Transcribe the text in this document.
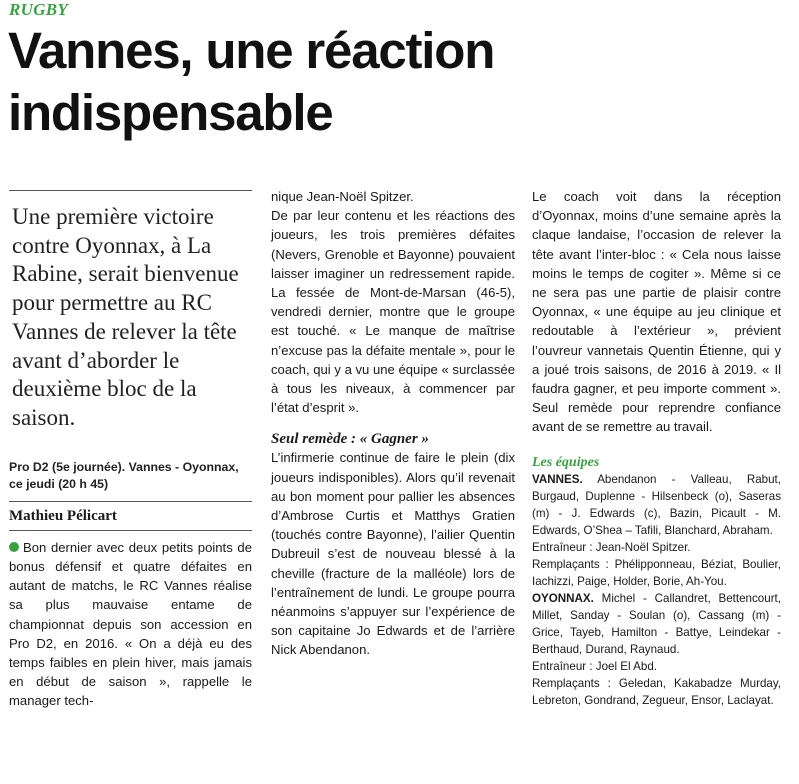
RUGBY
Vannes, une réaction indispensable
Une première victoire contre Oyonnax, à La Rabine, serait bienvenue pour permettre au RC Vannes de relever la tête avant d’aborder le deuxième bloc de la saison.
Pro D2 (5e journée). Vannes - Oyonnax, ce jeudi (20 h 45)
Mathieu Pélicart

Bon dernier avec deux petits points de bonus défensif et quatre défaites en autant de matchs, le RC Vannes réalise sa plus mauvaise entame de championnat depuis son accession en Pro D2, en 2016. « On a déjà eu des temps faibles en plein hiver, mais jamais en début de saison », rappelle le manager tech-

nique Jean-Noël Spitzer.

De par leur contenu et les réactions des joueurs, les trois premières défaites (Nevers, Grenoble et Bayonne) pouvaient laisser imaginer un redressement rapide. La fessée de Mont-de-Marsan (46-5), vendredi dernier, montre que le groupe est touché. « Le manque de maîtrise n’excuse pas la défaite mentale », pour le coach, qui y a vu une équipe « surclassée à tous les niveaux, à commencer par l’état d’esprit ».

Seul remède : « Gagner »

L’infirmerie continue de faire le plein (dix joueurs indisponibles). Alors qu’il revenait au bon moment pour pallier les absences d’Ambrose Curtis et Matthys Gratien (touchés contre Bayonne), l’ailier Quentin Dubreuil s’est de nouveau blessé à la cheville (fracture de la malléole) lors de l’entraînement de lundi. Le groupe pourra néanmoins s’appuyer sur l’expérience de son capitaine Jo Edwards et de l’arrière Nick Abendanon.

Le coach voit dans la réception d’Oyonnax, moins d’une semaine après la claque landaise, l’occasion de relever la tête avant l’inter-bloc : « Cela nous laisse moins le temps de cogiter ». Même si ce ne sera pas une partie de plaisir contre Oyonnax, « une équipe au jeu clinique et redoutable à l’extérieur », prévient l’ouvreur vannetais Quentin Étienne, qui y a joué trois saisons, de 2016 à 2019. « Il faudra gagner, et peu importe comment ». Seul remède pour reprendre confiance avant de se remettre au travail.

Les équipes

VANNES. Abendanon - Valleau, Rabut, Burgaud, Duplenne - Hilsenbeck (o), Saseras (m) - J. Edwards (c), Bazin, Picault - M. Edwards, O’Shea – Tafili, Blanchard, Abraham.

Entraîneur : Jean-Noël Spitzer.

Remplaçants : Phélipponneau, Béziat, Boulier, Iachizzi, Paige, Holder, Borie, Ah-You.

OYONNAX. Michel - Callandret, Bettencourt, Millet, Sanday - Soulan (o), Cassang (m) - Grice, Tayeb, Hamilton - Battye, Leindekar - Berthaud, Durand, Raynaud.

Entraîneur : Joel El Abd.

Remplaçants : Geledan, Kakabadze Murday, Lebreton, Gondrand, Zegueur, Ensor, Laclayat.
